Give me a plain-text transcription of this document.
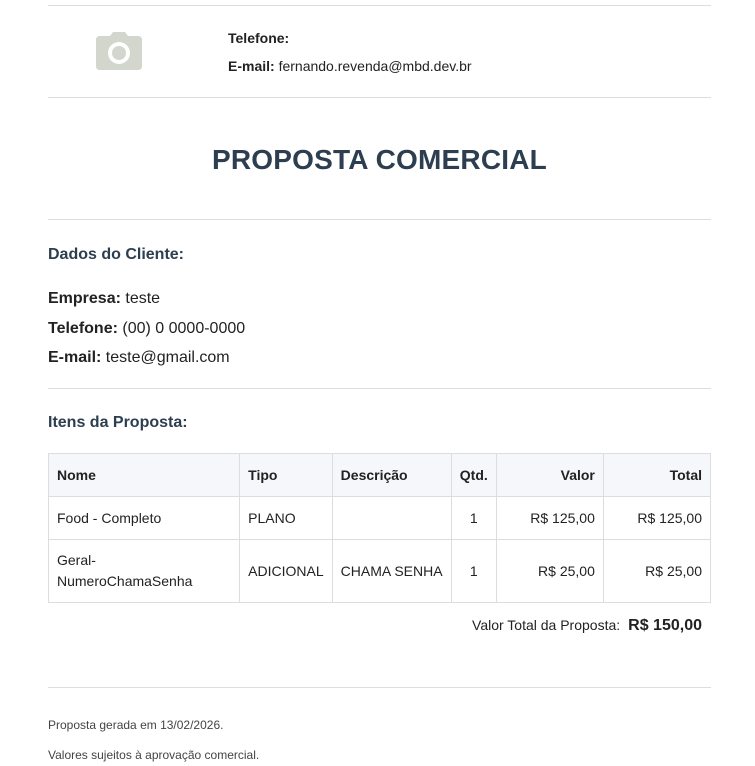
Telefone:
E-mail: fernando.revenda@mbd.dev.br
PROPOSTA COMERCIAL
Dados do Cliente:
Empresa: teste
Telefone: (00) 0 0000-0000
E-mail: teste@gmail.com
Itens da Proposta:
Nome	Tipo	Descrição	Qtd.	Valor	Total
Food - Completo	PLANO		1	R$ 125,00	R$ 125,00
Geral-NumeroChamaSenha	ADICIONAL	CHAMA SENHA	1	R$ 25,00	R$ 25,00
Valor Total da Proposta: R$ 150,00
Proposta gerada em 13/02/2026.
Valores sujeitos à aprovação comercial.
